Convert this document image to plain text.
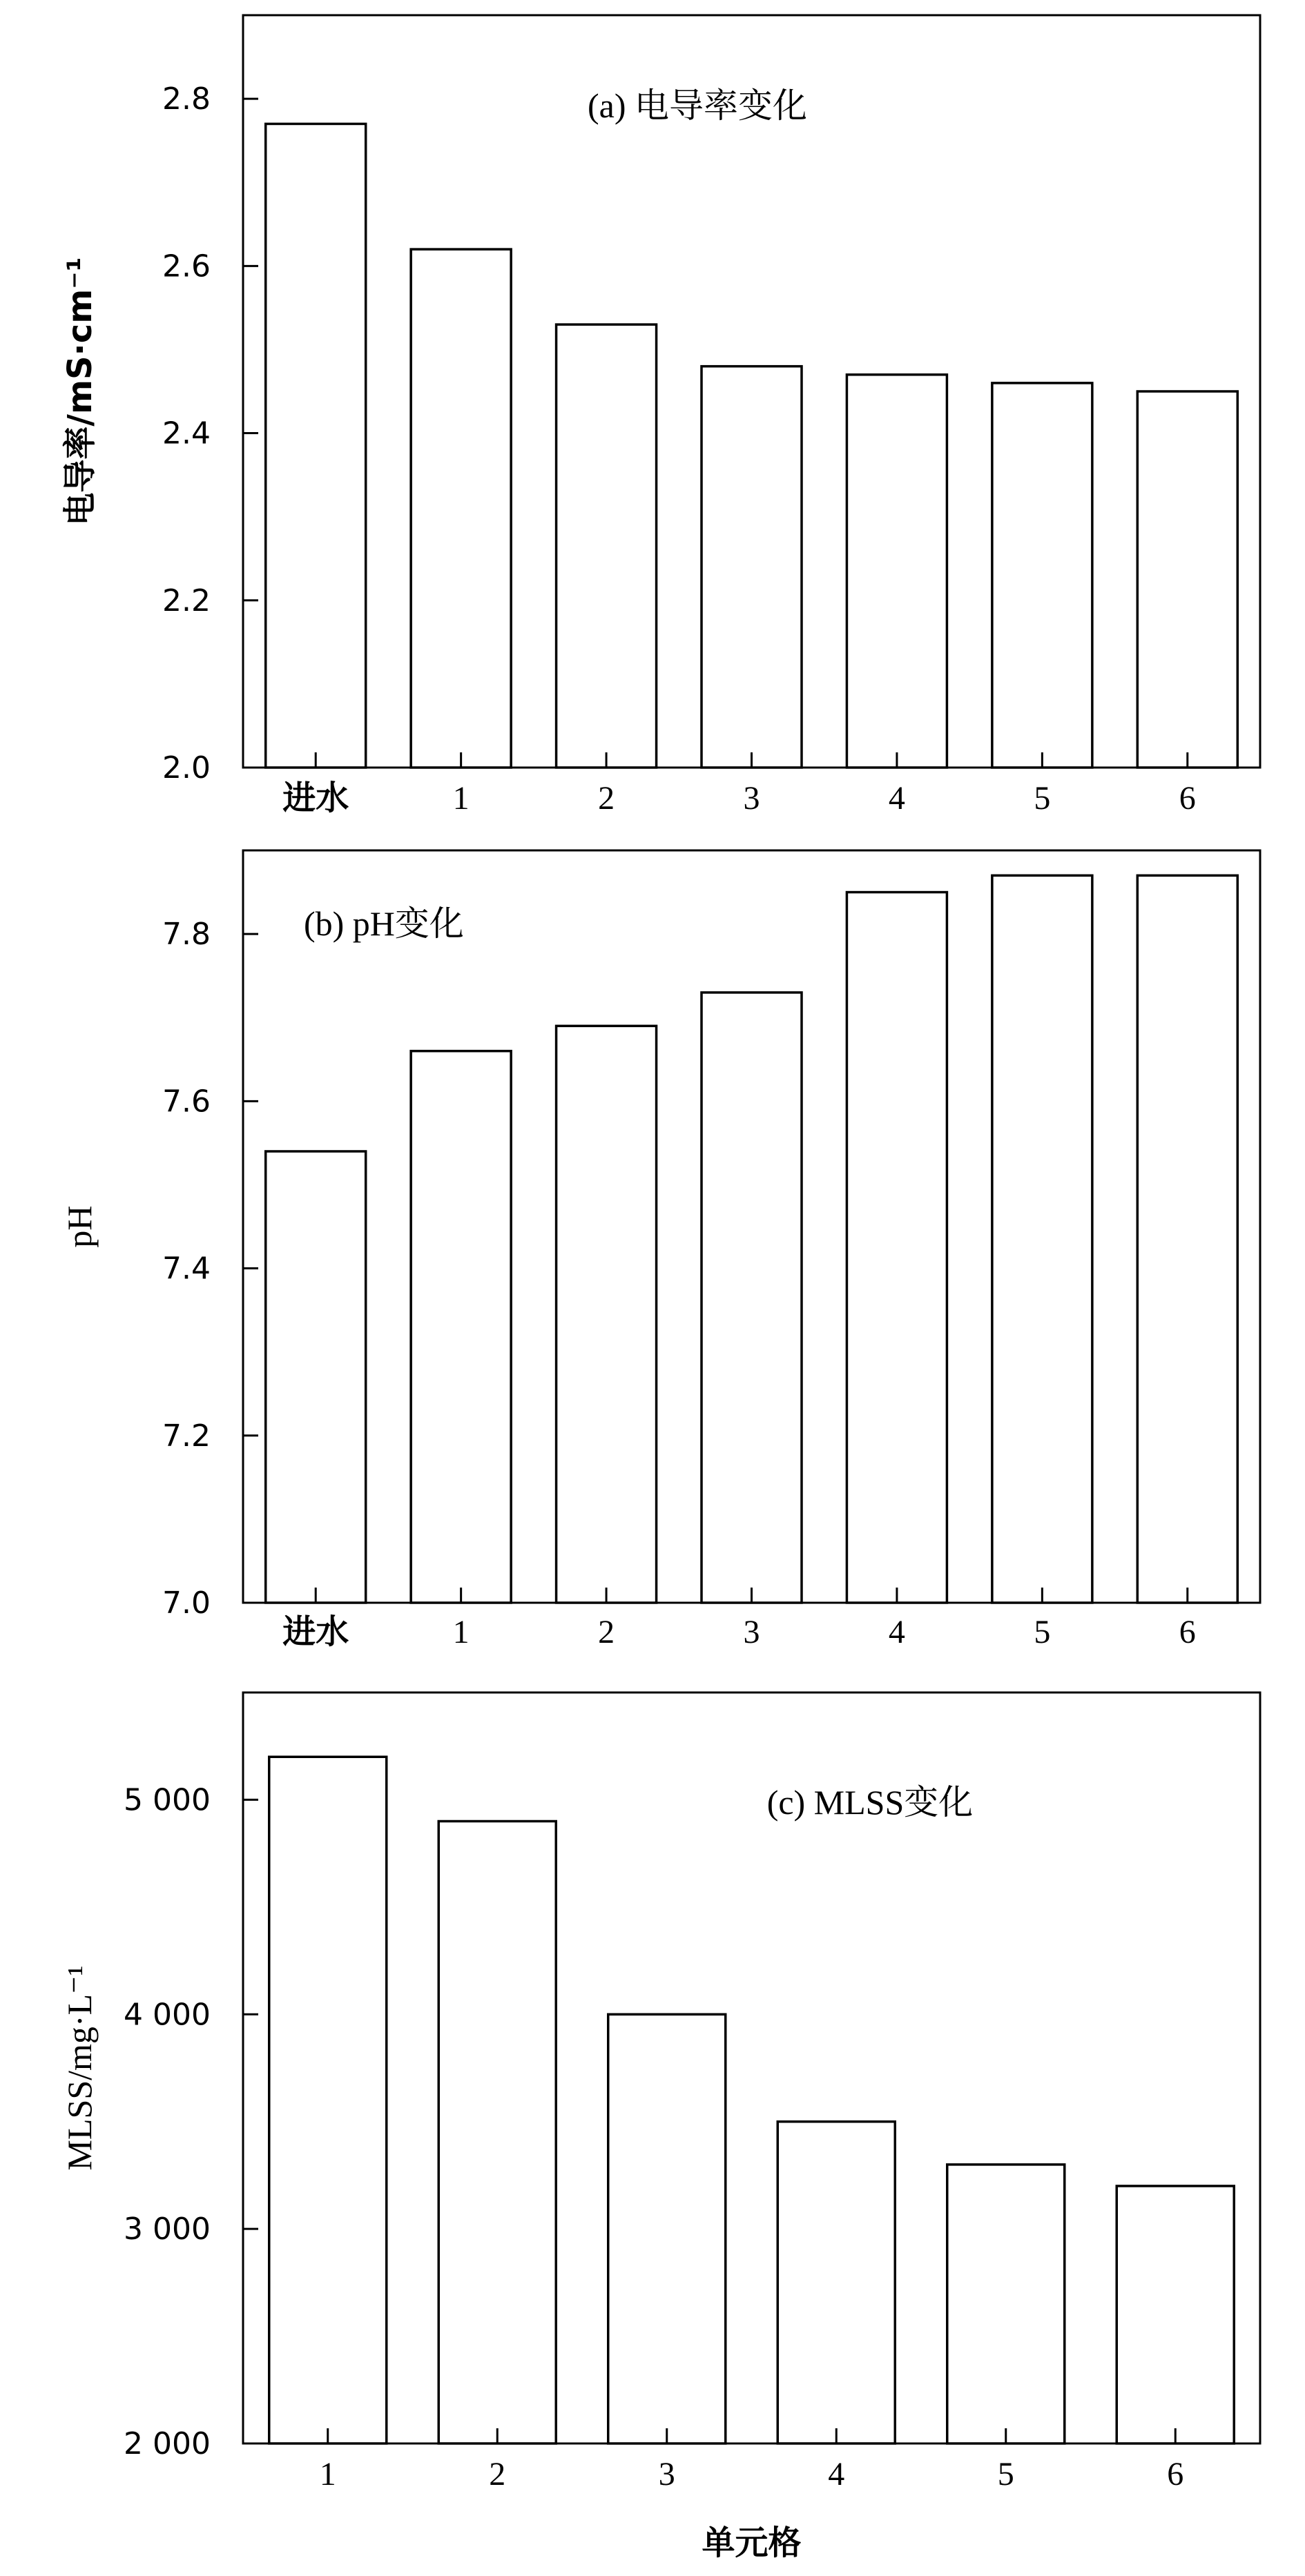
2.0
2.2
2.4
2.6
2.8
进水	1	2	3	4	5	6
电导率/mS·cm⁻¹
(a) 电导率变化
7.0
7.2
7.4
7.6
7.8
进水	1	2	3	4	5	6
pH
(b) pH变化
2 000
3 000
4 000
5 000
1	2	3	4	5	6
MLSS/mg·L⁻¹
(c) MLSS变化
单元格
